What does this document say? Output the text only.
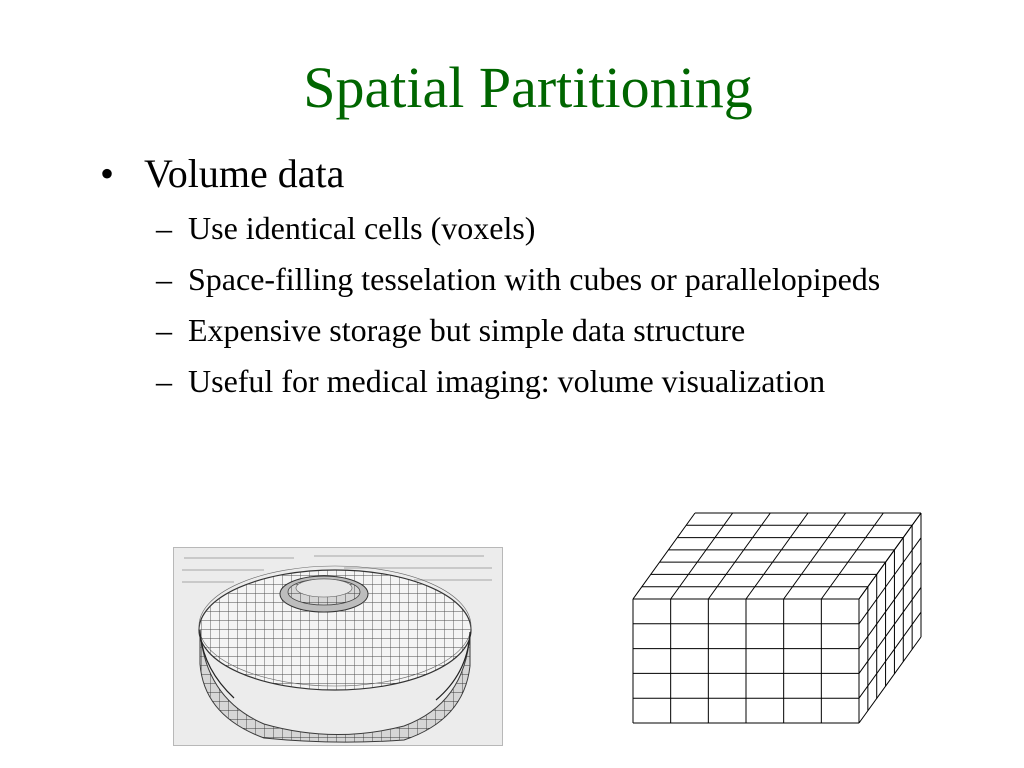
Spatial Partitioning
• Volume data
– Use identical cells (voxels)
– Space-filling tesselation with cubes or parallelopipeds
– Expensive storage but simple data structure
– Useful for medical imaging: volume visualization
